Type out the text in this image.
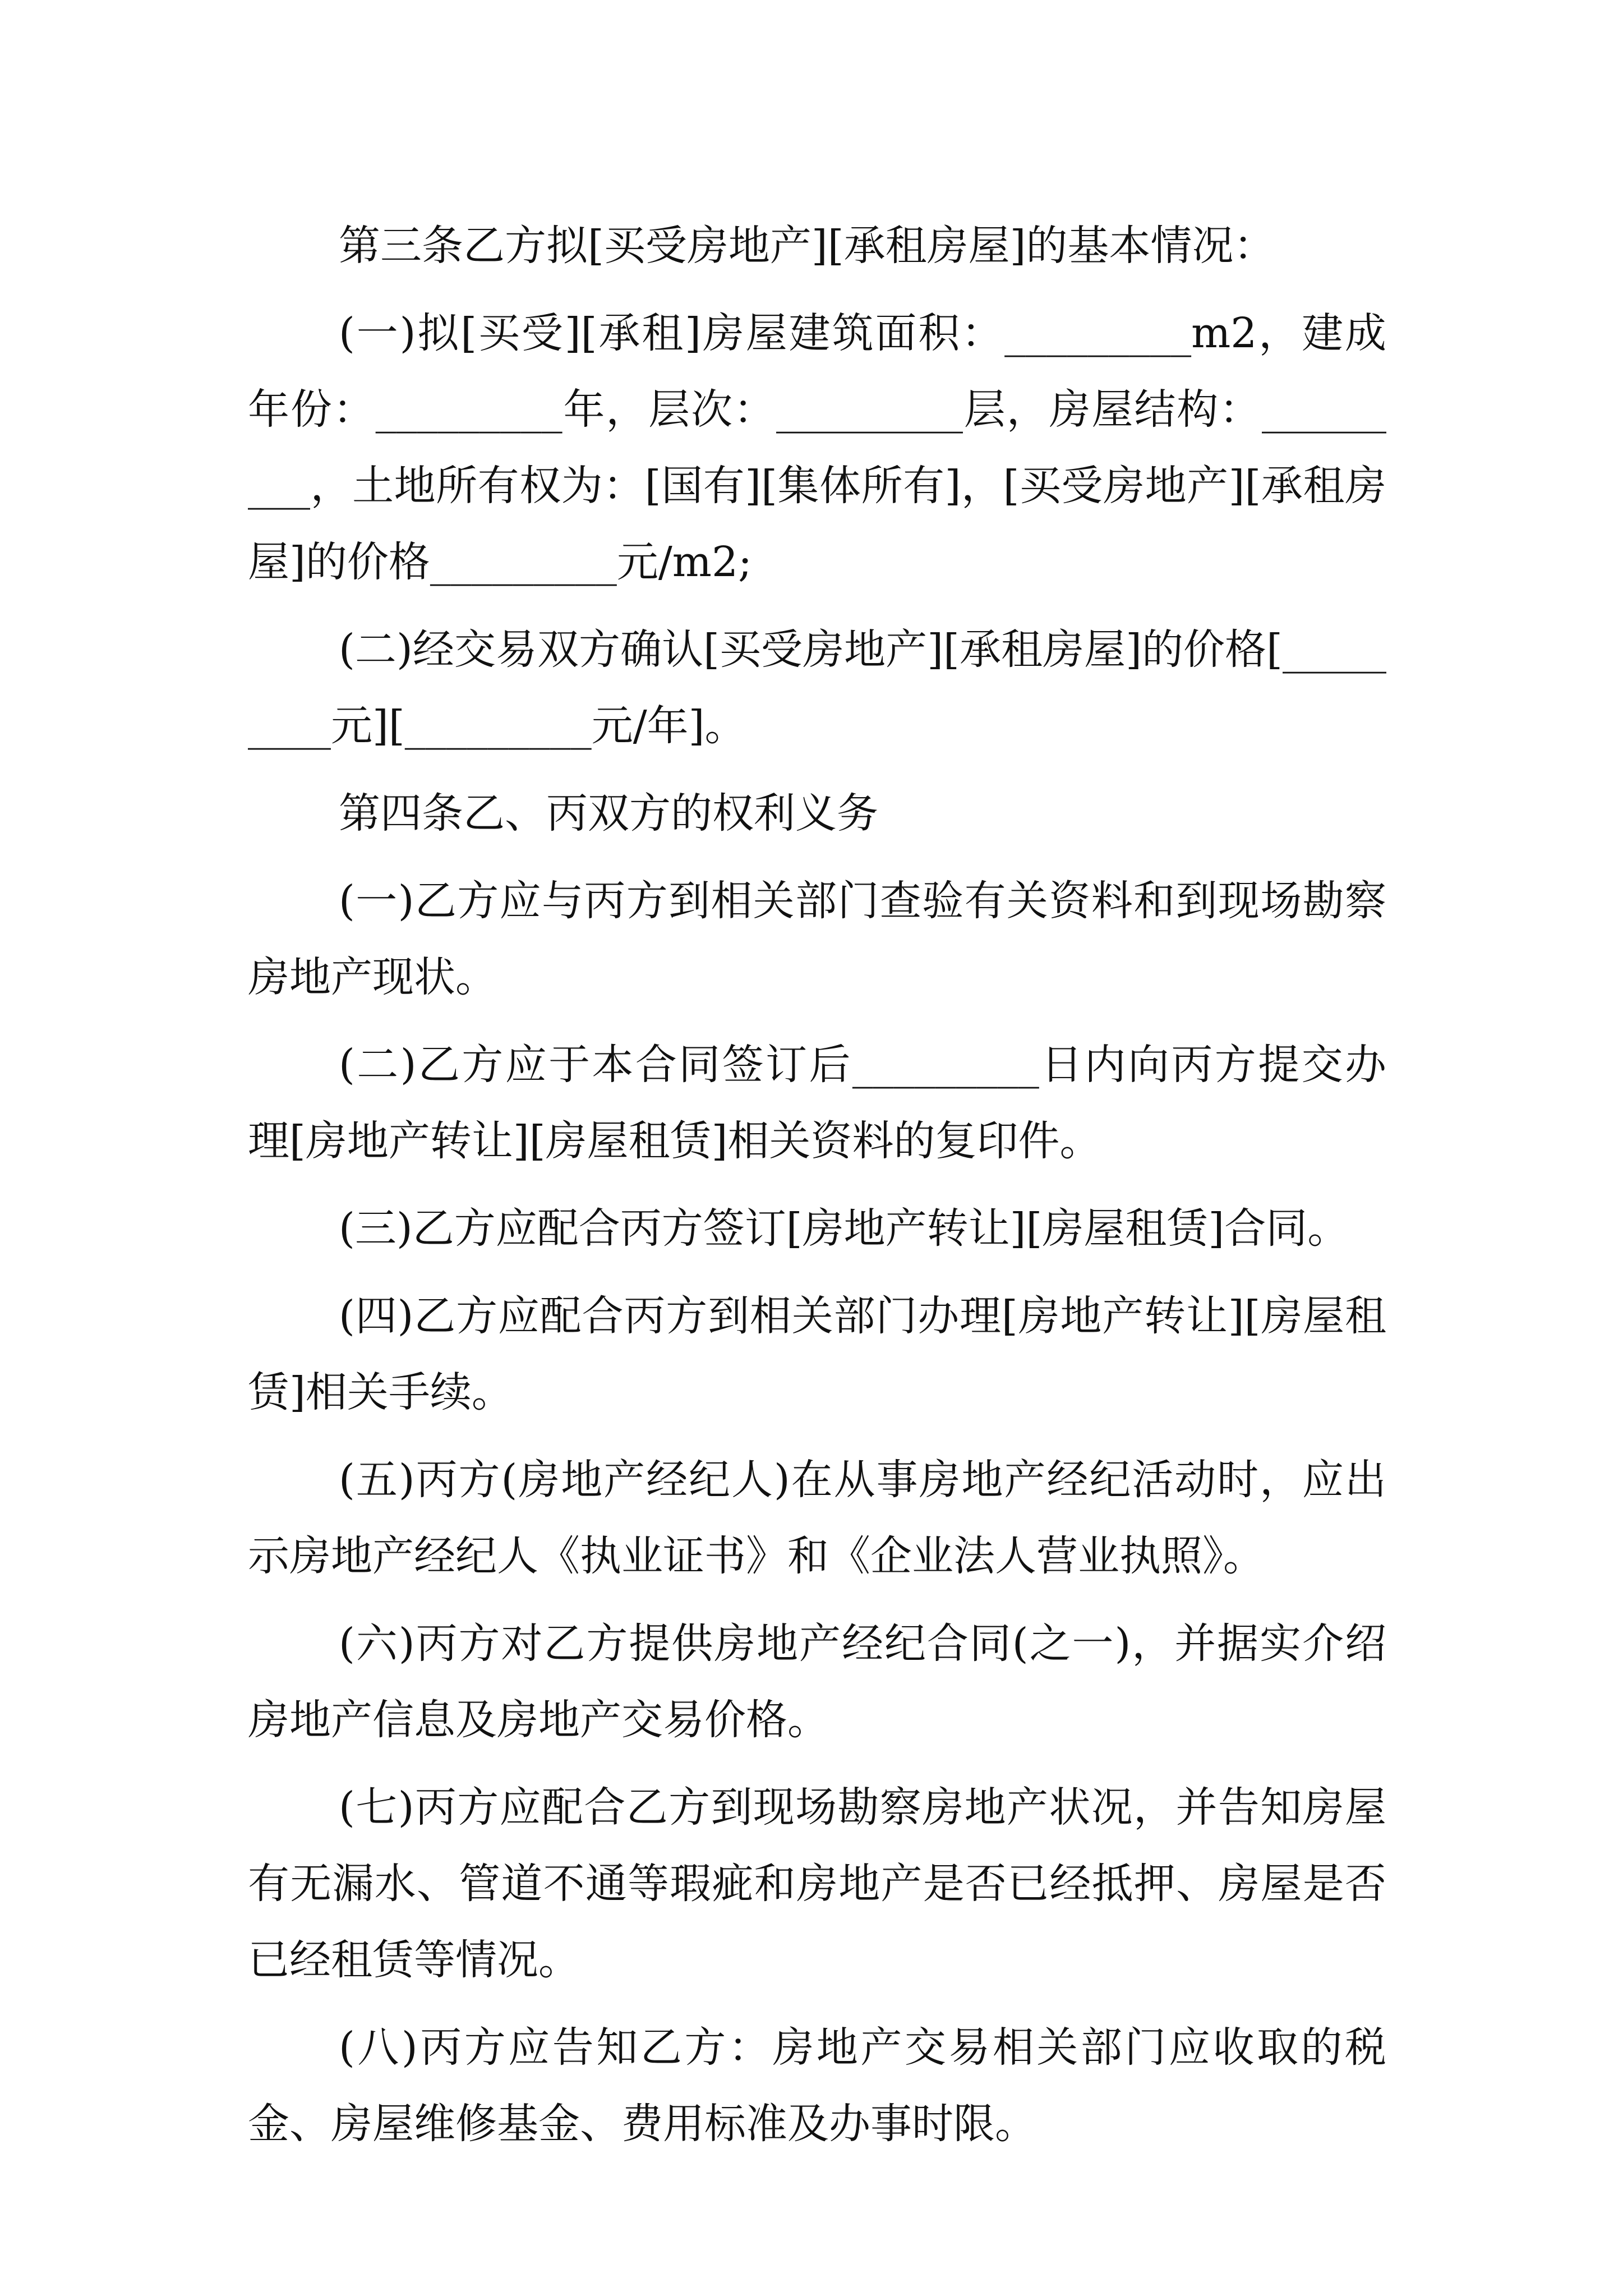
第三条乙方拟[买受房地产][承租房屋]的基本情况：

(一)拟[买受][承租]房屋建筑面积：_________m2，建成年份：_________年，层次：_________层，房屋结构：_________，土地所有权为：[国有][集体所有]，[买受房地产][承租房屋]的价格_________元/m2;

(二)经交易双方确认[买受房地产][承租房屋]的价格[_________元][_________元/年]。

第四条乙、丙双方的权利义务

(一)乙方应与丙方到相关部门查验有关资料和到现场勘察房地产现状。

(二)乙方应于本合同签订后_________日内向丙方提交办理[房地产转让][房屋租赁]相关资料的复印件。

(三)乙方应配合丙方签订[房地产转让][房屋租赁]合同。

(四)乙方应配合丙方到相关部门办理[房地产转让][房屋租赁]相关手续。

(五)丙方(房地产经纪人)在从事房地产经纪活动时，应出示房地产经纪人《执业证书》和《企业法人营业执照》。

(六)丙方对乙方提供房地产经纪合同(之一)，并据实介绍房地产信息及房地产交易价格。

(七)丙方应配合乙方到现场勘察房地产状况，并告知房屋有无漏水、管道不通等瑕疵和房地产是否已经抵押、房屋是否已经租赁等情况。

(八)丙方应告知乙方：房地产交易相关部门应收取的税金、房屋维修基金、费用标准及办事时限。
